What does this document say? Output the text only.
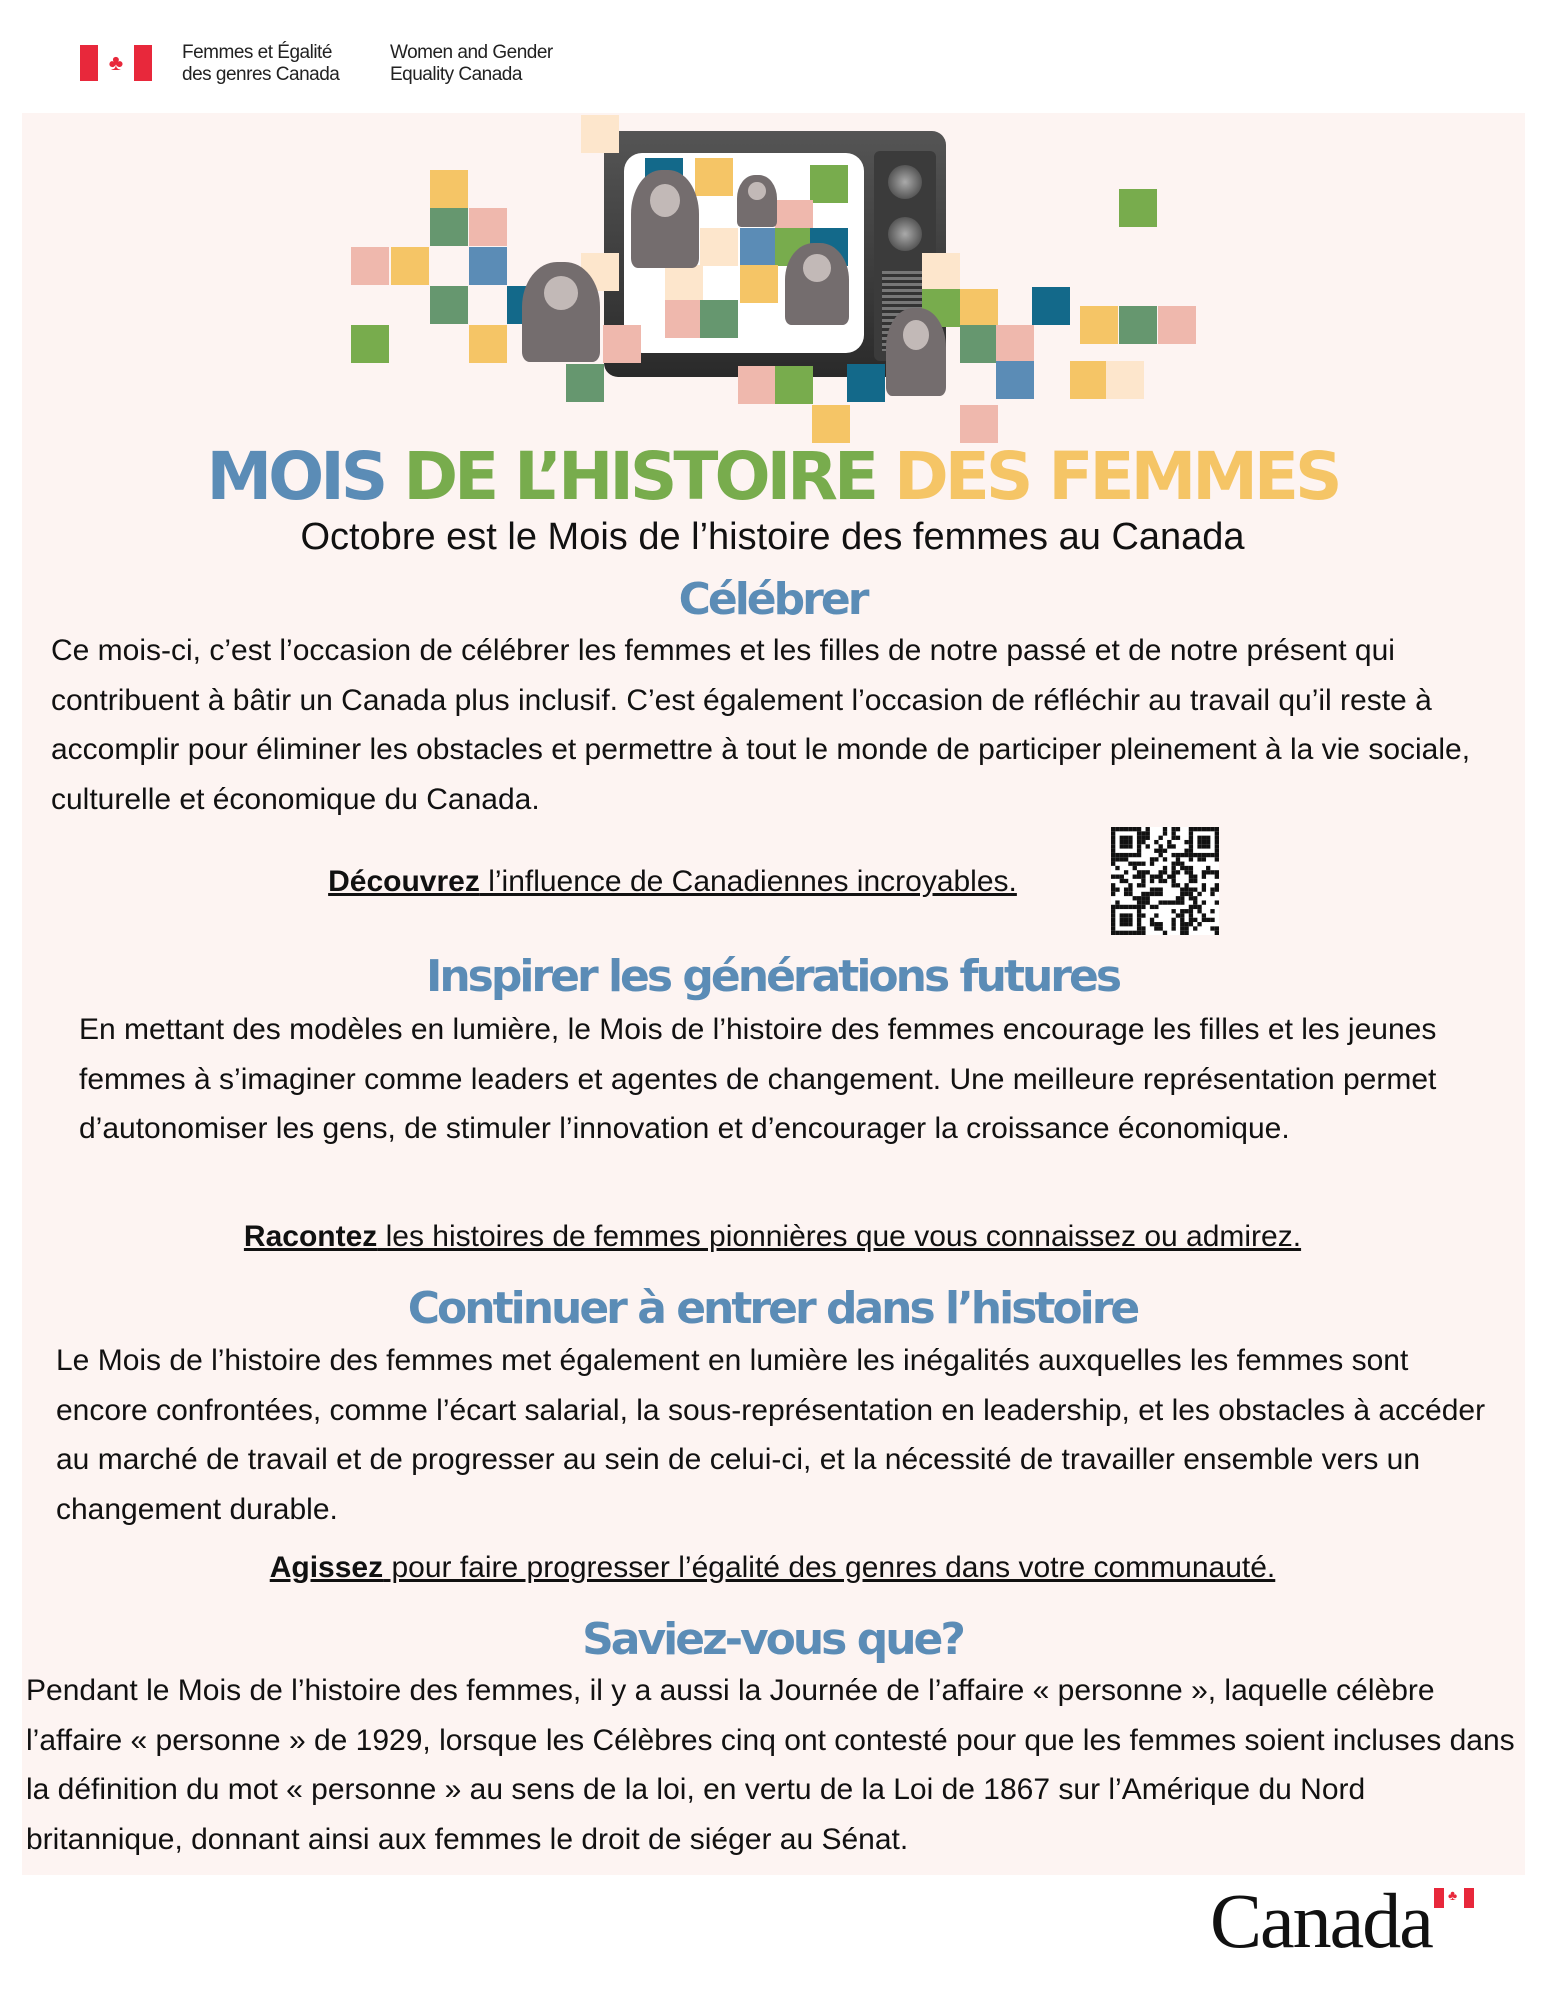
♣	Femmes et Égalité
des genres Canada
Women and Gender
Equality Canada
MOIS DE L’HISTOIRE DES FEMMES
Octobre est le Mois de l’histoire des femmes au Canada
Célébrer
Ce mois-ci, c’est l’occasion de célébrer les femmes et les filles de notre passé et de notre présent qui contribuent à bâtir un Canada plus inclusif. C’est également l’occasion de réfléchir au travail qu’il reste à accomplir pour éliminer les obstacles et permettre à tout le monde de participer pleinement à la vie sociale, culturelle et économique du Canada.
Découvrez l’influence de Canadiennes incroyables.
Inspirer les générations futures
En mettant des modèles en lumière, le Mois de l’histoire des femmes encourage les filles et les jeunes femmes à s’imaginer comme leaders et agentes de changement. Une meilleure représentation permet d’autonomiser les gens, de stimuler l’innovation et d’encourager la croissance économique.
Racontez les histoires de femmes pionnières que vous connaissez ou admirez.
Continuer à entrer dans l’histoire
Le Mois de l’histoire des femmes met également en lumière les inégalités auxquelles les femmes sont encore confrontées, comme l’écart salarial, la sous-représentation en leadership, et les obstacles à accéder au marché de travail et de progresser au sein de celui-ci, et la nécessité de travailler ensemble vers un changement durable.
Agissez pour faire progresser l’égalité des genres dans votre communauté.
Saviez-vous que?
Pendant le Mois de l’histoire des femmes, il y a aussi la Journée de l’affaire « personne », laquelle célèbre l’affaire « personne » de 1929, lorsque les Célèbres cinq ont contesté pour que les femmes soient incluses dans la définition du mot « personne » au sens de la loi, en vertu de la Loi de 1867 sur l’Amérique du Nord britannique, donnant ainsi aux femmes le droit de siéger au Sénat.
Canada
♣
